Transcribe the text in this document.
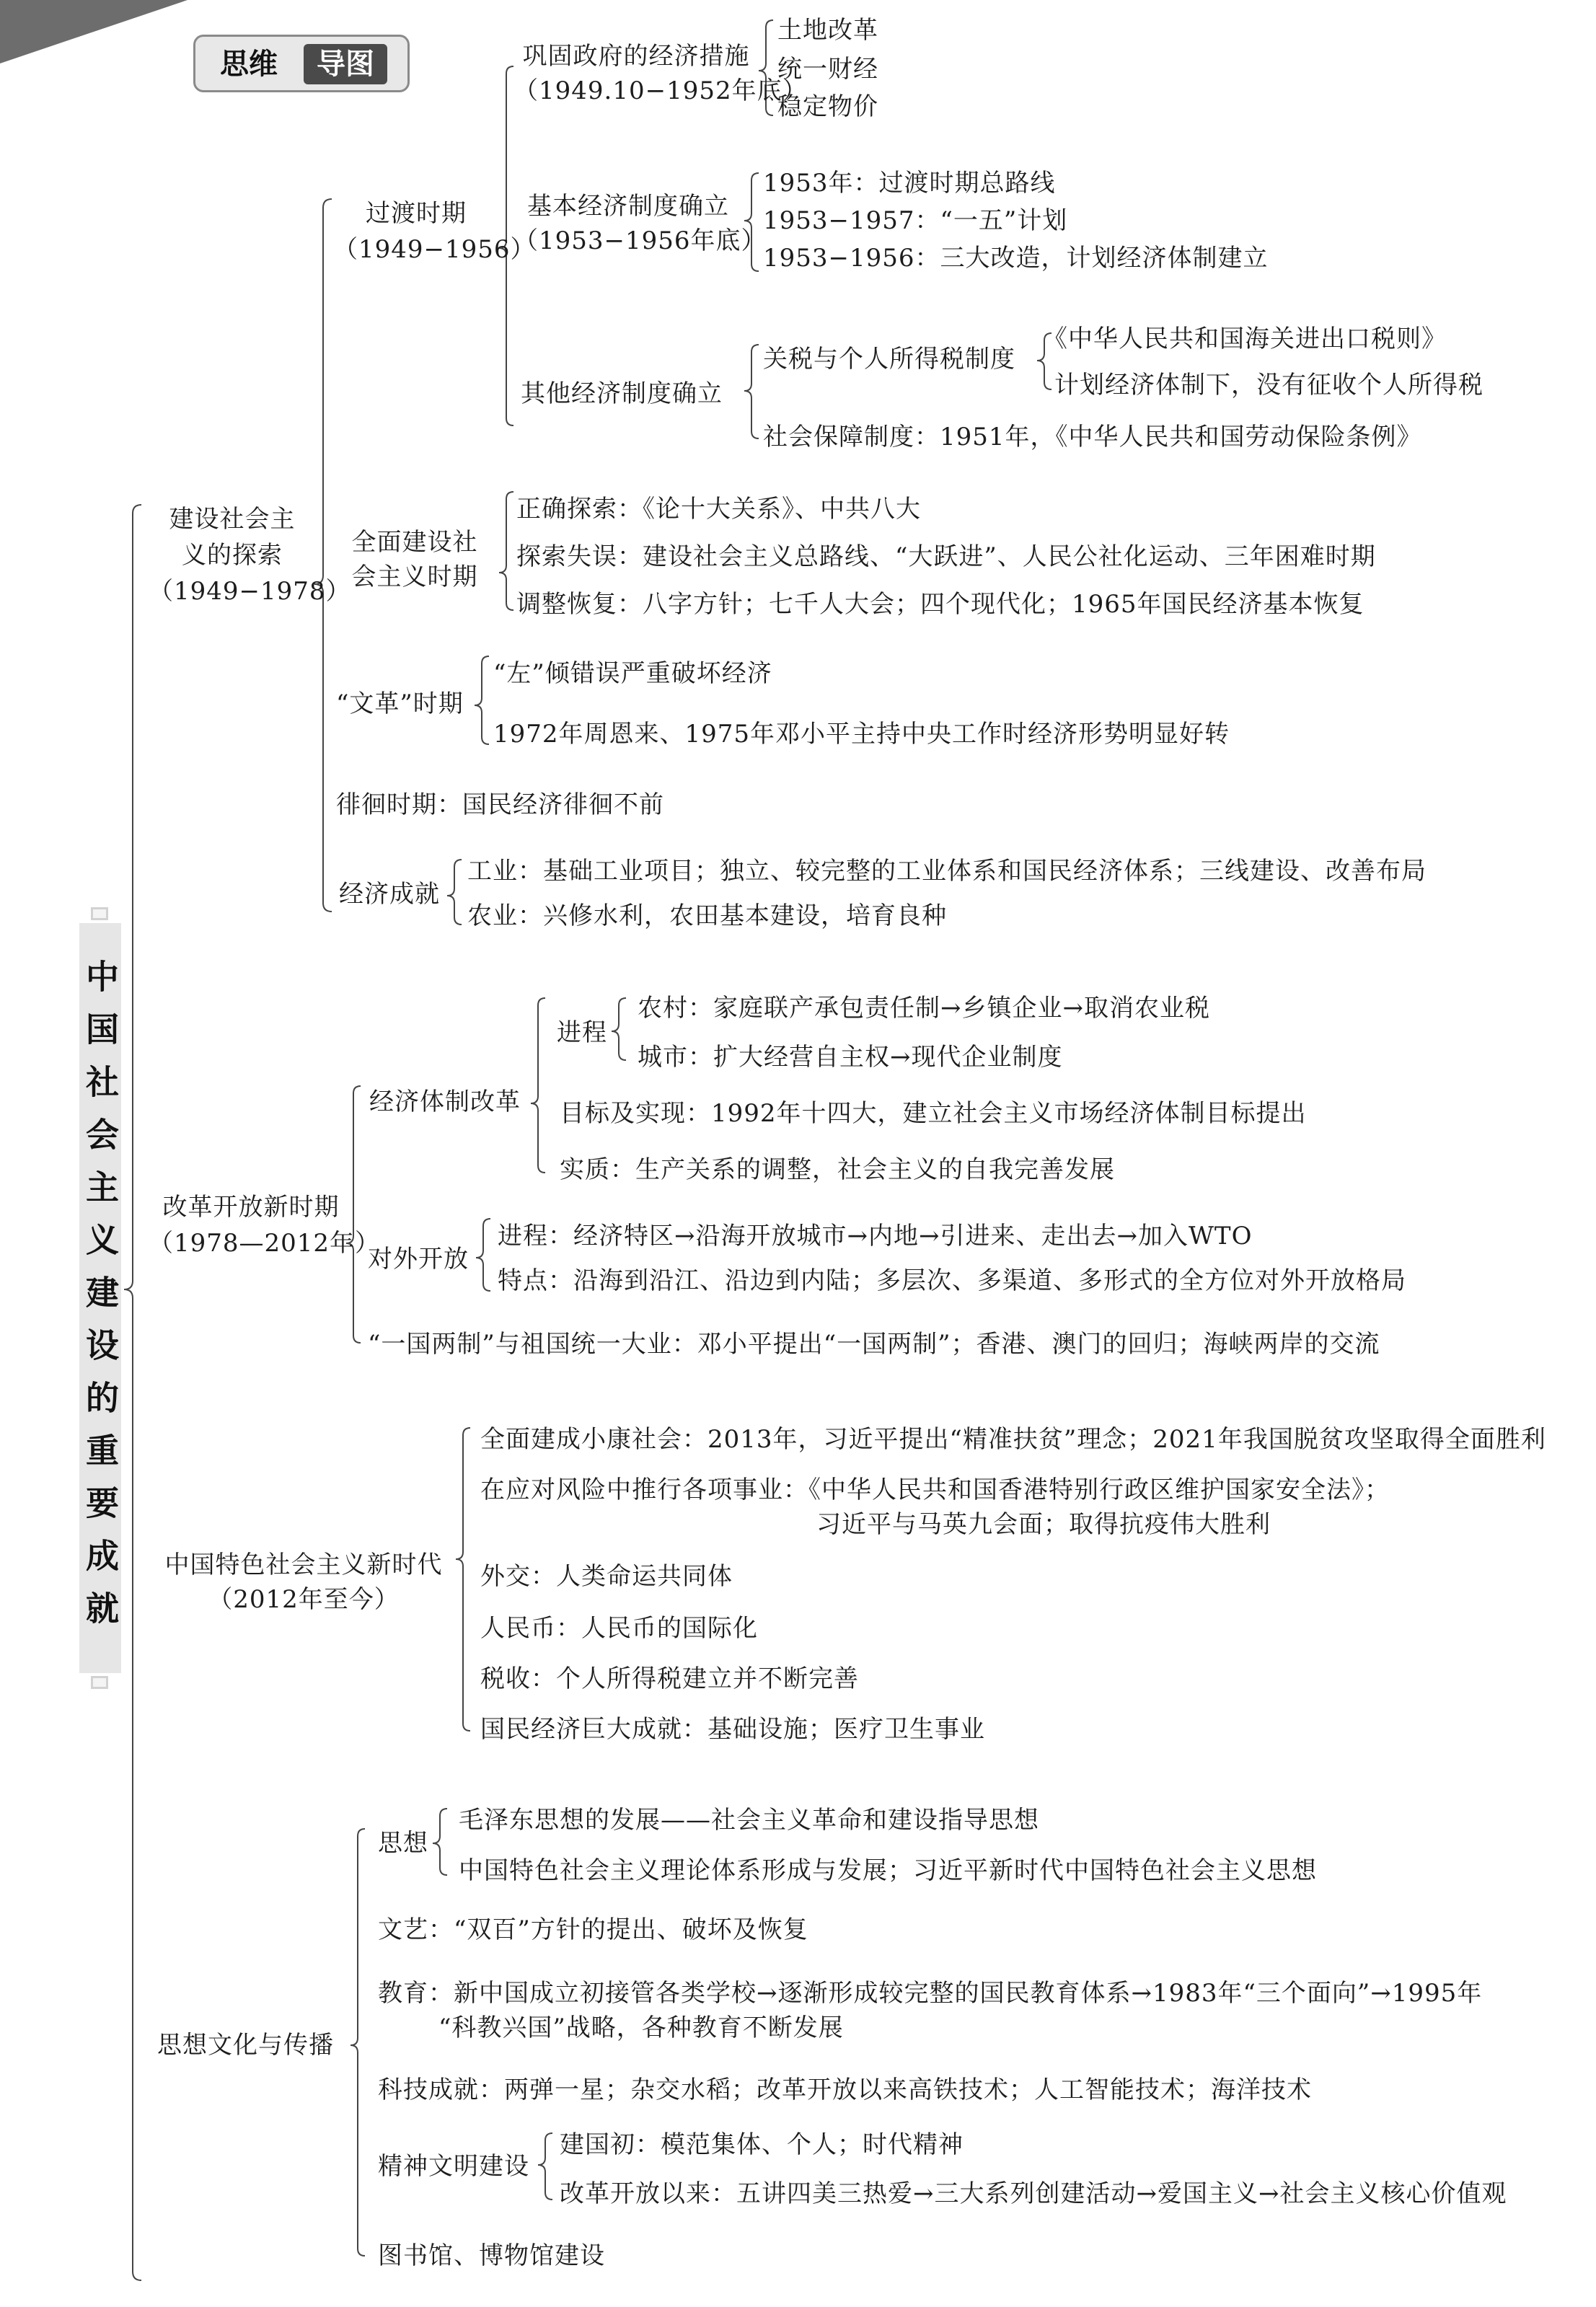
思维	导图
中国社会主义建设的重要成就
建设社会主
义的探索
（1949−1978）
过渡时期
（1949−1956）
巩固政府的经济措施
（1949.10−1952年底）
土地改革
统一财经
稳定物价
基本经济制度确立
（1953−1956年底）
1953年：过渡时期总路线
1953−1957：“一五”计划
1953−1956：三大改造，计划经济体制建立
其他经济制度确立
关税与个人所得税制度
《中华人民共和国海关进出口税则》
计划经济体制下，没有征收个人所得税
社会保障制度：1951年，《中华人民共和国劳动保险条例》
全面建设社
会主义时期
正确探索：《论十大关系》、中共八大
探索失误：建设社会主义总路线、“大跃进”、人民公社化运动、三年困难时期
调整恢复：八字方针；七千人大会；四个现代化；1965年国民经济基本恢复
“文革”时期
“左”倾错误严重破坏经济
1972年周恩来、1975年邓小平主持中央工作时经济形势明显好转
徘徊时期：国民经济徘徊不前
经济成就
工业：基础工业项目；独立、较完整的工业体系和国民经济体系；三线建设、改善布局
农业：兴修水利，农田基本建设，培育良种
改革开放新时期
（1978—2012年）
经济体制改革
进程
农村：家庭联产承包责任制→乡镇企业→取消农业税
城市：扩大经营自主权→现代企业制度
目标及实现：1992年十四大，建立社会主义市场经济体制目标提出
实质：生产关系的调整，社会主义的自我完善发展
对外开放
进程：经济特区→沿海开放城市→内地→引进来、走出去→加入WTO
特点：沿海到沿江、沿边到内陆；多层次、多渠道、多形式的全方位对外开放格局
“一国两制”与祖国统一大业：邓小平提出“一国两制”；香港、澳门的回归；海峡两岸的交流
中国特色社会主义新时代
（2012年至今）
全面建成小康社会：2013年，习近平提出“精准扶贫”理念；2021年我国脱贫攻坚取得全面胜利
在应对风险中推行各项事业：《中华人民共和国香港特别行政区维护国家安全法》；
习近平与马英九会面；取得抗疫伟大胜利
外交：人类命运共同体
人民币：人民币的国际化
税收：个人所得税建立并不断完善
国民经济巨大成就：基础设施；医疗卫生事业
思想文化与传播
思想
毛泽东思想的发展——社会主义革命和建设指导思想
中国特色社会主义理论体系形成与发展；习近平新时代中国特色社会主义思想
文艺：“双百”方针的提出、破坏及恢复
教育：新中国成立初接管各类学校→逐渐形成较完整的国民教育体系→1983年“三个面向”→1995年
“科教兴国”战略，各种教育不断发展
科技成就：两弹一星；杂交水稻；改革开放以来高铁技术；人工智能技术；海洋技术
精神文明建设
建国初：模范集体、个人；时代精神
改革开放以来：五讲四美三热爱→三大系列创建活动→爱国主义→社会主义核心价值观
图书馆、博物馆建设
